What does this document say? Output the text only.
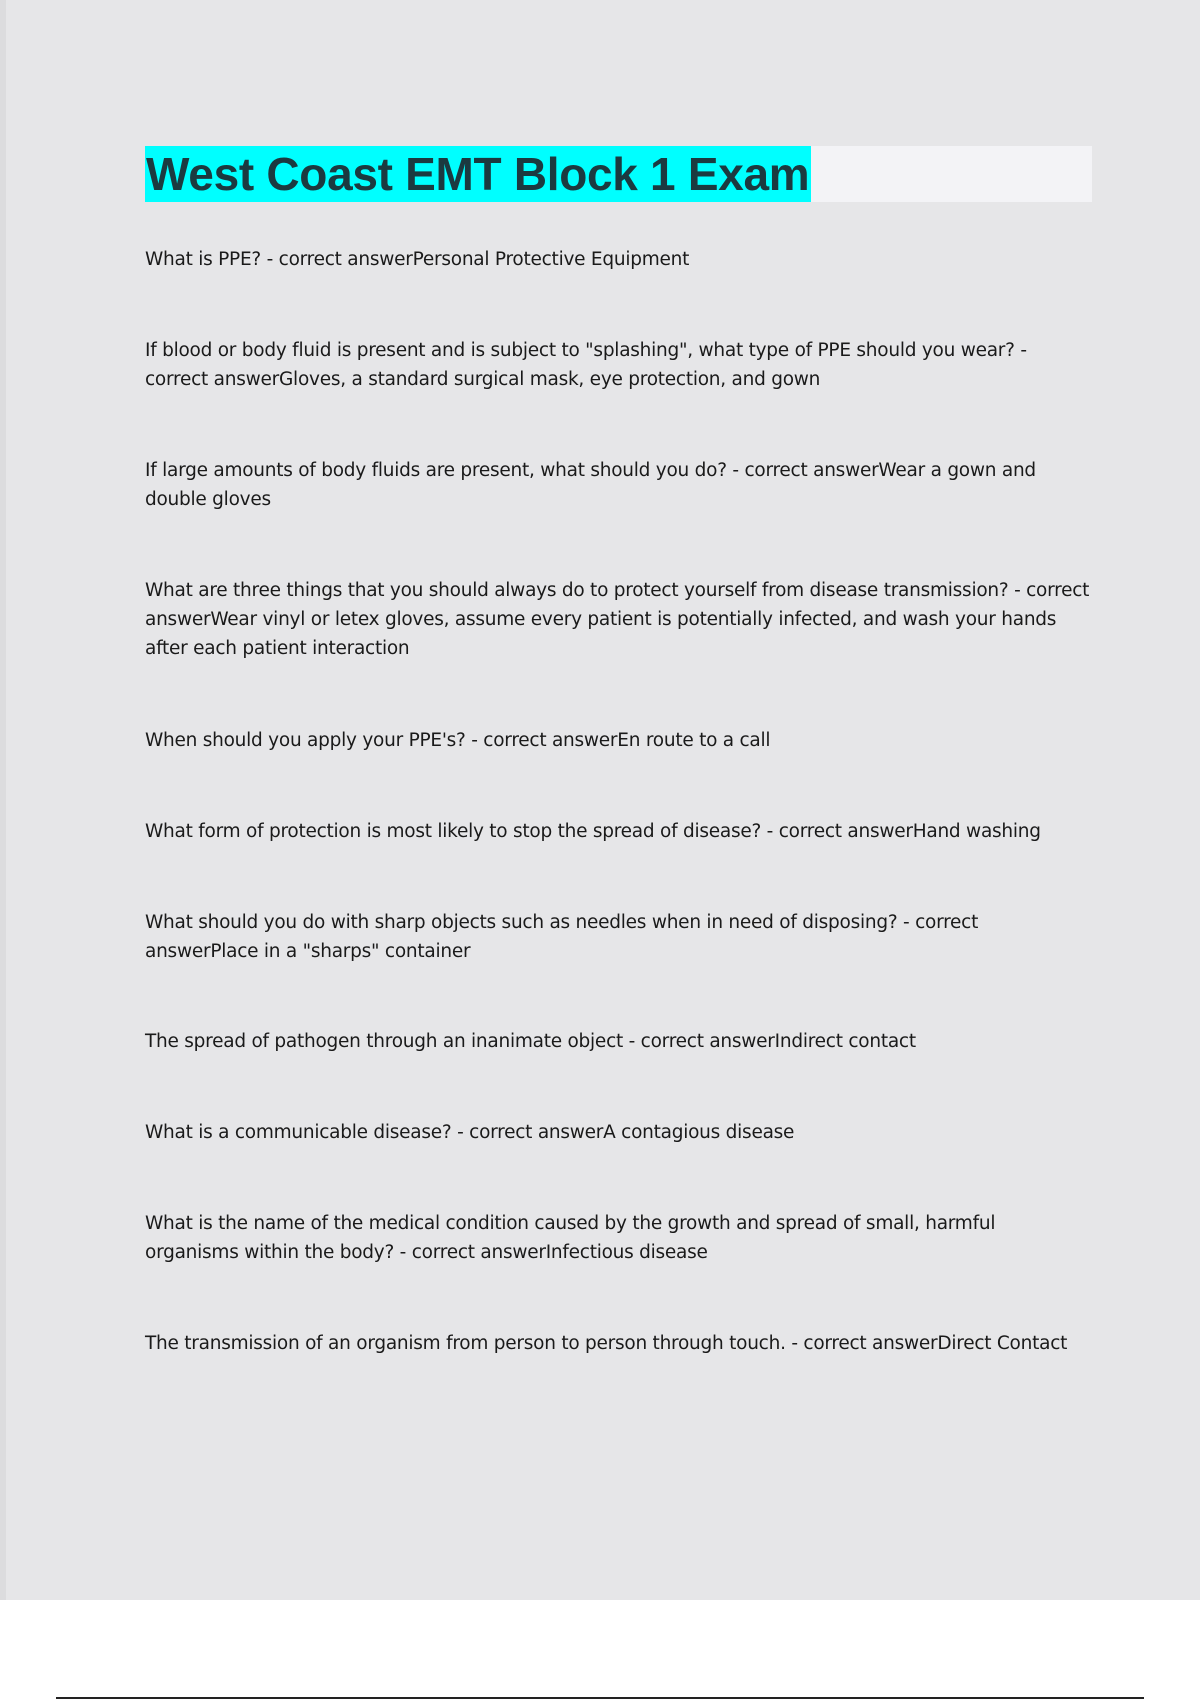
West Coast EMT Block 1 Exam

What is PPE? - correct answerPersonal Protective Equipment

If blood or body fluid is present and is subject to "splashing", what type of PPE should you wear? - correct answerGloves, a standard surgical mask, eye protection, and gown

If large amounts of body fluids are present, what should you do? - correct answerWear a gown and double gloves

What are three things that you should always do to protect yourself from disease transmission? - correct answerWear vinyl or letex gloves, assume every patient is potentially infected, and wash your hands after each patient interaction

When should you apply your PPE's? - correct answerEn route to a call

What form of protection is most likely to stop the spread of disease? - correct answerHand washing

What should you do with sharp objects such as needles when in need of disposing? - correct answerPlace in a "sharps" container

The spread of pathogen through an inanimate object - correct answerIndirect contact

What is a communicable disease? - correct answerA contagious disease

What is the name of the medical condition caused by the growth and spread of small, harmful organisms within the body? - correct answerInfectious disease

The transmission of an organism from person to person through touch. - correct answerDirect Contact
